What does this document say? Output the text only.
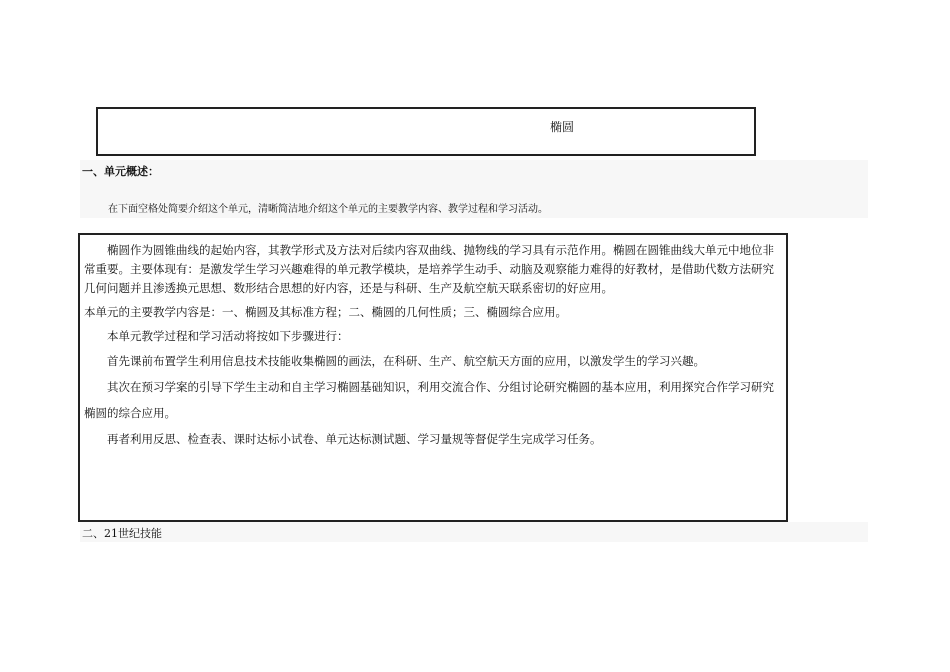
椭圆
一、单元概述：
在下面空格处简要介绍这个单元，清晰简洁地介绍这个单元的主要教学内容、教学过程和学习活动。

椭圆作为圆锥曲线的起始内容，其教学形式及方法对后续内容双曲线、抛物线的学习具有示范作用。椭圆在圆锥曲线大单元中地位非常重要。主要体现有：是激发学生学习兴趣难得的单元教学模块，是培养学生动手、动脑及观察能力难得的好教材，是借助代数方法研究几何问题并且渗透换元思想、数形结合思想的好内容，还是与科研、生产及航空航天联系密切的好应用。

本单元的主要教学内容是：一、椭圆及其标准方程；二、椭圆的几何性质；三、椭圆综合应用。

本单元教学过程和学习活动将按如下步骤进行：

首先课前布置学生利用信息技术技能收集椭圆的画法，在科研、生产、航空航天方面的应用，以激发学生的学习兴趣。

其次在预习学案的引导下学生主动和自主学习椭圆基础知识，利用交流合作、分组讨论研究椭圆的基本应用，利用探究合作学习研究椭圆的综合应用。

再者利用反思、检查表、课时达标小试卷、单元达标测试题、学习量规等督促学生完成学习任务。

二、21世纪技能
